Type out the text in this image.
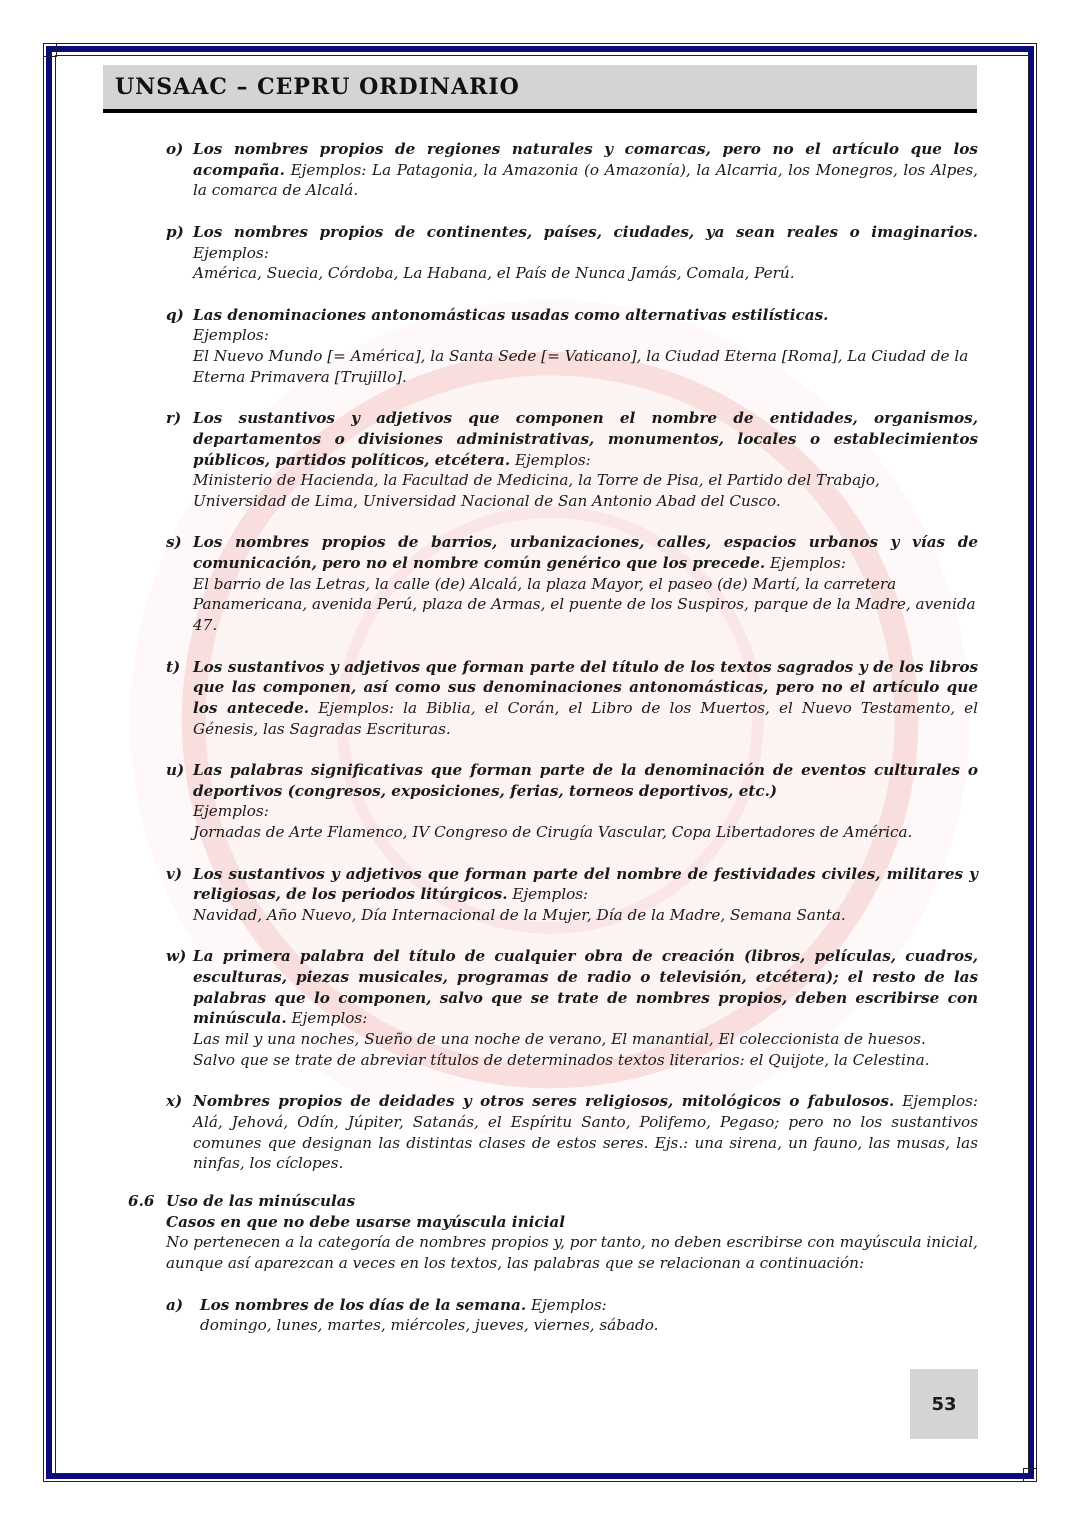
UNSAAC – CEPRU ORDINARIO
o) Los nombres propios de regiones naturales y comarcas, pero no el artículo que los acompaña. Ejemplos: La Patagonia, la Amazonia (o Amazonía), la Alcarria, los Monegros, los Alpes, la comarca de Alcalá.
p) Los nombres propios de continentes, países, ciudades, ya sean reales o imaginarios. Ejemplos:
América, Suecia, Córdoba, La Habana, el País de Nunca Jamás, Comala, Perú.
q) Las denominaciones antonomásticas usadas como alternativas estilísticas.
Ejemplos:
El Nuevo Mundo [= América], la Santa Sede [= Vaticano], la Ciudad Eterna [Roma], La Ciudad de la Eterna Primavera [Trujillo].
r) Los sustantivos y adjetivos que componen el nombre de entidades, organismos, departamentos o divisiones administrativas, monumentos, locales o establecimientos públicos, partidos políticos, etcétera. Ejemplos:
Ministerio de Hacienda, la Facultad de Medicina, la Torre de Pisa, el Partido del Trabajo, Universidad de Lima, Universidad Nacional de San Antonio Abad del Cusco.
s) Los nombres propios de barrios, urbanizaciones, calles, espacios urbanos y vías de comunicación, pero no el nombre común genérico que los precede. Ejemplos:
El barrio de las Letras, la calle (de) Alcalá, la plaza Mayor, el paseo (de) Martí, la carretera Panamericana, avenida Perú, plaza de Armas, el puente de los Suspiros, parque de la Madre, avenida 47.
t) Los sustantivos y adjetivos que forman parte del título de los textos sagrados y de los libros que las componen, así como sus denominaciones antonomásticas, pero no el artículo que los antecede. Ejemplos: la Biblia, el Corán, el Libro de los Muertos, el Nuevo Testamento, el Génesis, las Sagradas Escrituras.
u) Las palabras significativas que forman parte de la denominación de eventos culturales o deportivos (congresos, exposiciones, ferias, torneos deportivos, etc.)
Ejemplos:
Jornadas de Arte Flamenco, IV Congreso de Cirugía Vascular, Copa Libertadores de América.
v) Los sustantivos y adjetivos que forman parte del nombre de festividades civiles, militares y religiosas, de los periodos litúrgicos. Ejemplos:
Navidad, Año Nuevo, Día Internacional de la Mujer, Día de la Madre, Semana Santa.
w) La primera palabra del título de cualquier obra de creación (libros, películas, cuadros, esculturas, piezas musicales, programas de radio o televisión, etcétera); el resto de las palabras que lo componen, salvo que se trate de nombres propios, deben escribirse con minúscula. Ejemplos:
Las mil y una noches, Sueño de una noche de verano, El manantial, El coleccionista de huesos.
Salvo que se trate de abreviar títulos de determinados textos literarios: el Quijote, la Celestina.
x) Nombres propios de deidades y otros seres religiosos, mitológicos o fabulosos. Ejemplos: Alá, Jehová, Odín, Júpiter, Satanás, el Espíritu Santo, Polifemo, Pegaso; pero no los sustantivos comunes que designan las distintas clases de estos seres. Ejs.: una sirena, un fauno, las musas, las ninfas, los cíclopes.
6.6 Uso de las minúsculas
Casos en que no debe usarse mayúscula inicial
No pertenecen a la categoría de nombres propios y, por tanto, no deben escribirse con mayúscula inicial, aunque así aparezcan a veces en los textos, las palabras que se relacionan a continuación:
a)	Los nombres de los días de la semana. Ejemplos:
domingo, lunes, martes, miércoles, jueves, viernes, sábado.
53
